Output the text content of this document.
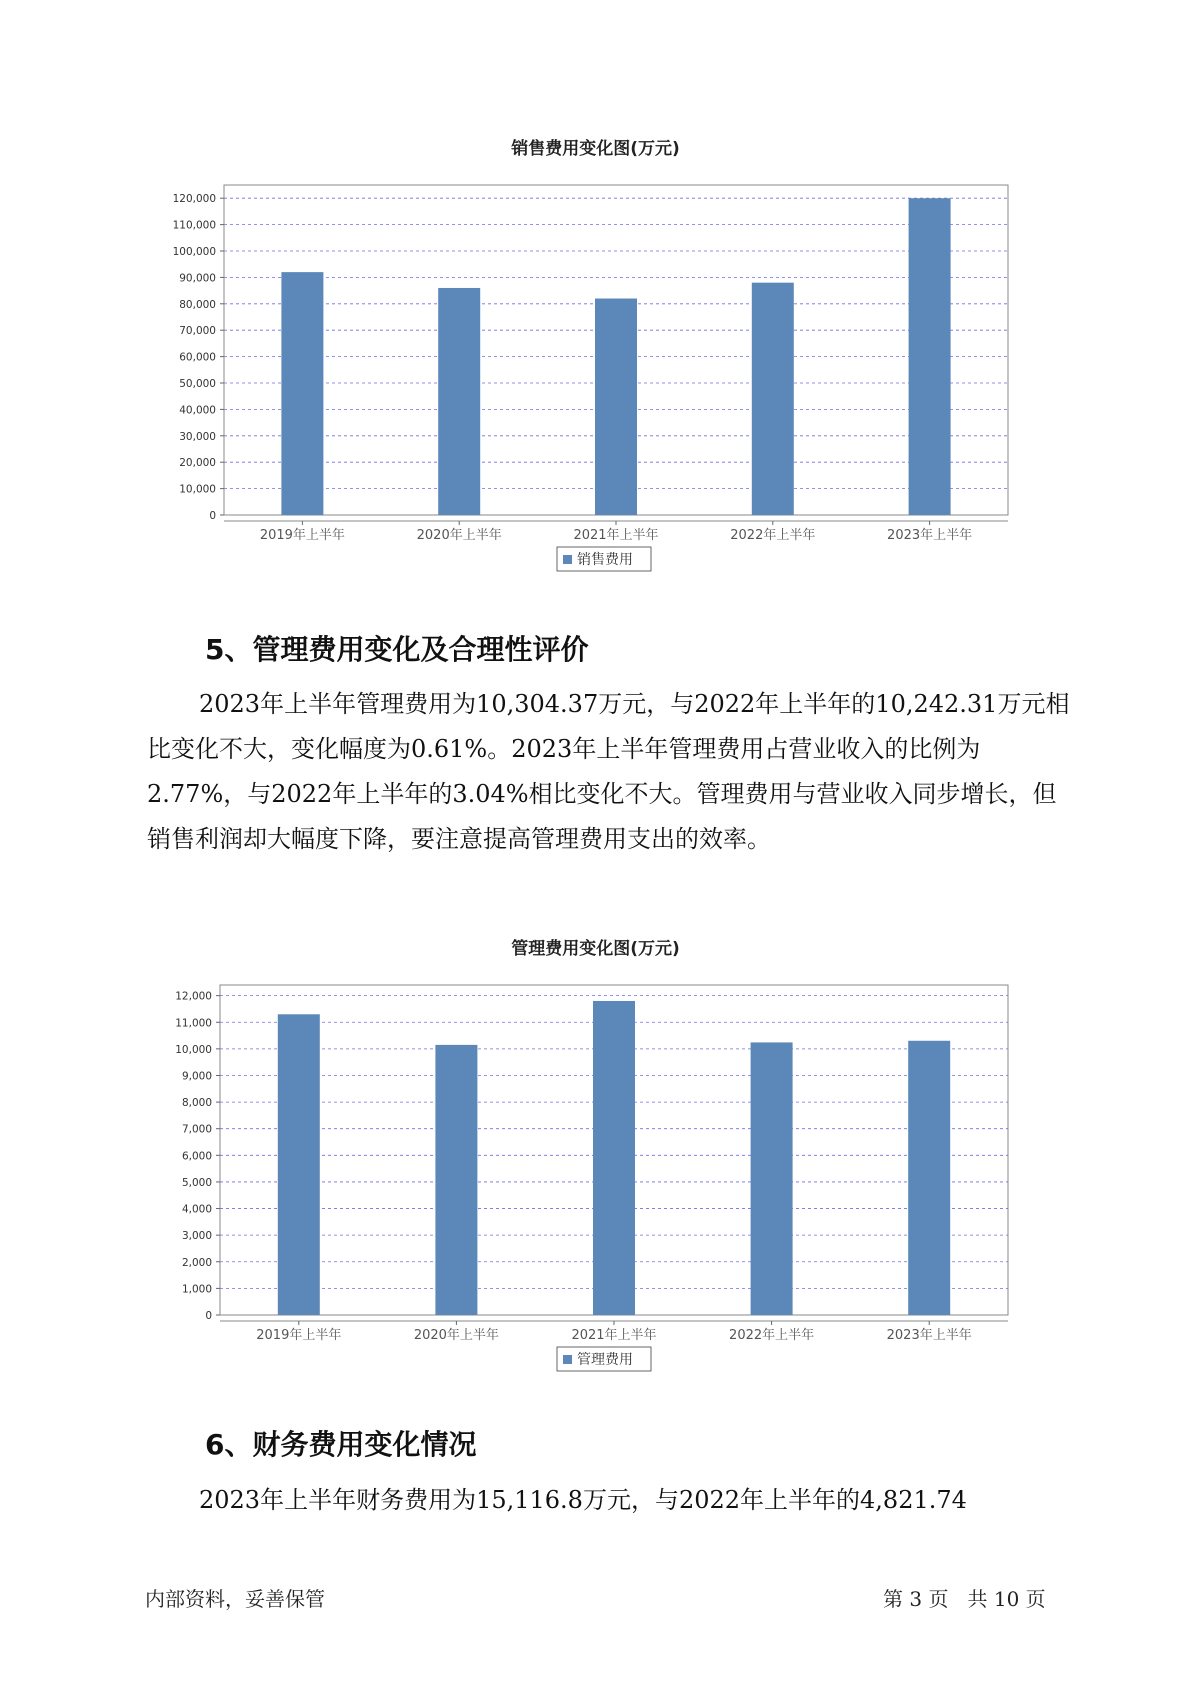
销售费用变化图(万元)
0
10,000
20,000
30,000
40,000
50,000
60,000
70,000
80,000
90,000
100,000
110,000
120,000
2019年上半年	2020年上半年	2021年上半年	2022年上半年	2023年上半年
销售费用
5、管理费用变化及合理性评价

2023年上半年管理费用为10,304.37万元，与2022年上半年的10,242.31万元相比变化不大，变化幅度为0.61%。2023年上半年管理费用占营业收入的比例为2.77%，与2022年上半年的3.04%相比变化不大。管理费用与营业收入同步增长，但销售利润却大幅度下降，要注意提高管理费用支出的效率。

管理费用变化图(万元)
0
1,000
2,000
3,000
4,000
5,000
6,000
7,000
8,000
9,000
10,000
11,000
12,000
2019年上半年	2020年上半年	2021年上半年	2022年上半年	2023年上半年
管理费用
6、财务费用变化情况

2023年上半年财务费用为15,116.8万元，与2022年上半年的4,821.74

内部资料，妥善保管	第 3 页   共 10 页
